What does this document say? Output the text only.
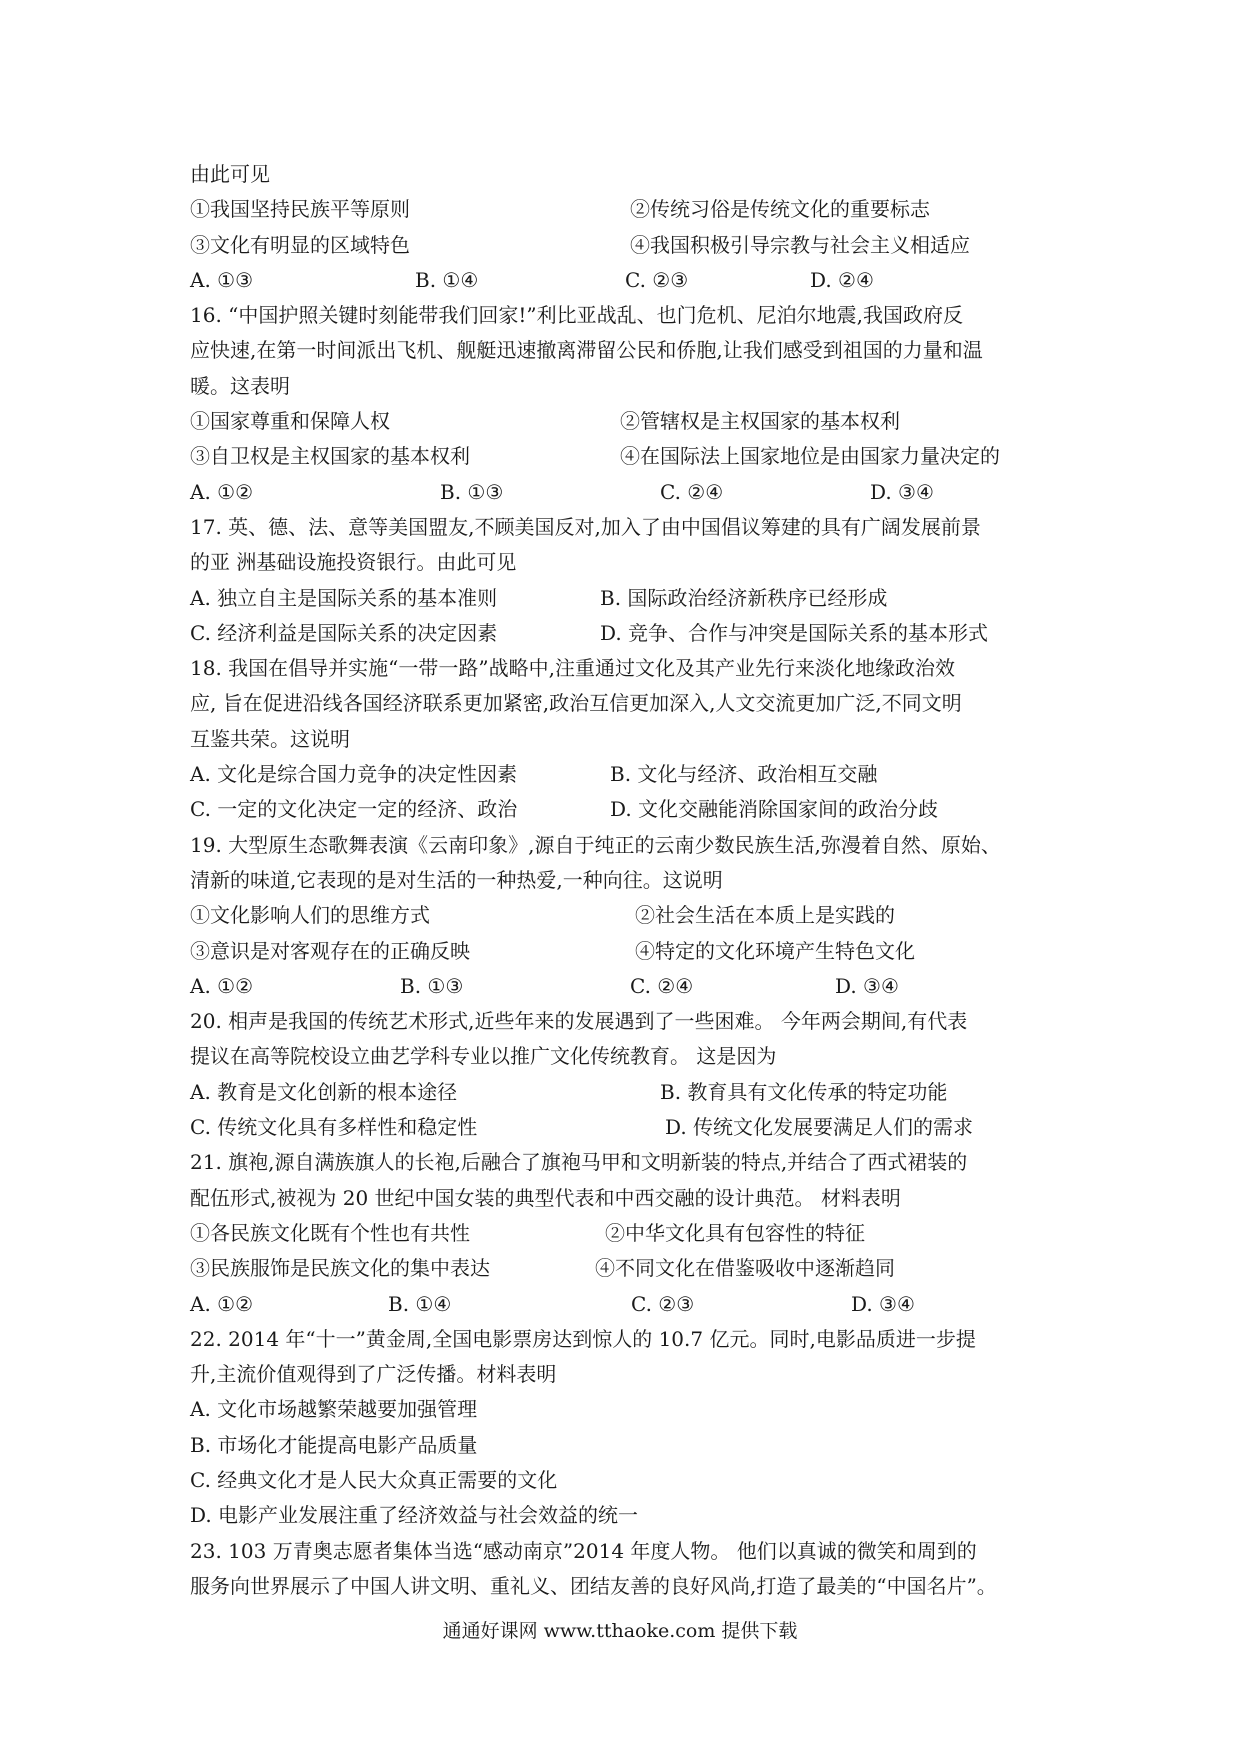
由此可见
①我国坚持民族平等原则	②传统习俗是传统文化的重要标志
③文化有明显的区域特色	④我国积极引导宗教与社会主义相适应
A. ①③	B. ①④	C. ②③	D. ②④
16. “中国护照关键时刻能带我们回家!”利比亚战乱、也门危机、尼泊尔地震,我国政府反
应快速,在第一时间派出飞机、舰艇迅速撤离滞留公民和侨胞,让我们感受到祖国的力量和温
暖。这表明
①国家尊重和保障人权	②管辖权是主权国家的基本权利
③自卫权是主权国家的基本权利	④在国际法上国家地位是由国家力量决定的
A. ①②	B. ①③	C. ②④	D. ③④
17. 英、德、法、意等美国盟友,不顾美国反对,加入了由中国倡议筹建的具有广阔发展前景
的亚 洲基础设施投资银行。由此可见
A. 独立自主是国际关系的基本准则	B. 国际政治经济新秩序已经形成
C. 经济利益是国际关系的决定因素	D. 竞争、合作与冲突是国际关系的基本形式
18. 我国在倡导并实施“一带一路”战略中,注重通过文化及其产业先行来淡化地缘政治效
应, 旨在促进沿线各国经济联系更加紧密,政治互信更加深入,人文交流更加广泛,不同文明
互鉴共荣。这说明
A. 文化是综合国力竞争的决定性因素	B. 文化与经济、政治相互交融
C. 一定的文化决定一定的经济、政治	D. 文化交融能消除国家间的政治分歧
19. 大型原生态歌舞表演《云南印象》,源自于纯正的云南少数民族生活,弥漫着自然、原始、
清新的味道,它表现的是对生活的一种热爱,一种向往。这说明
①文化影响人们的思维方式	②社会生活在本质上是实践的
③意识是对客观存在的正确反映	④特定的文化环境产生特色文化
A. ①②	B. ①③	C. ②④	D. ③④
20. 相声是我国的传统艺术形式,近些年来的发展遇到了一些困难。 今年两会期间,有代表
提议在高等院校设立曲艺学科专业以推广文化传统教育。 这是因为
A. 教育是文化创新的根本途径	B. 教育具有文化传承的特定功能
C. 传统文化具有多样性和稳定性	D. 传统文化发展要满足人们的需求
21. 旗袍,源自满族旗人的长袍,后融合了旗袍马甲和文明新装的特点,并结合了西式裙装的
配伍形式,被视为 20 世纪中国女装的典型代表和中西交融的设计典范。 材料表明
①各民族文化既有个性也有共性	②中华文化具有包容性的特征
③民族服饰是民族文化的集中表达	④不同文化在借鉴吸收中逐渐趋同
A. ①②	B. ①④	C. ②③	D. ③④
22. 2014 年“十一”黄金周,全国电影票房达到惊人的 10.7 亿元。同时,电影品质进一步提
升,主流价值观得到了广泛传播。材料表明
A. 文化市场越繁荣越要加强管理
B. 市场化才能提高电影产品质量
C. 经典文化才是人民大众真正需要的文化
D. 电影产业发展注重了经济效益与社会效益的统一
23. 103 万青奥志愿者集体当选“感动南京”2014 年度人物。 他们以真诚的微笑和周到的
服务向世界展示了中国人讲文明、重礼义、团结友善的良好风尚,打造了最美的“中国名片”。
通通好课网 www.tthaoke.com 提供下载
